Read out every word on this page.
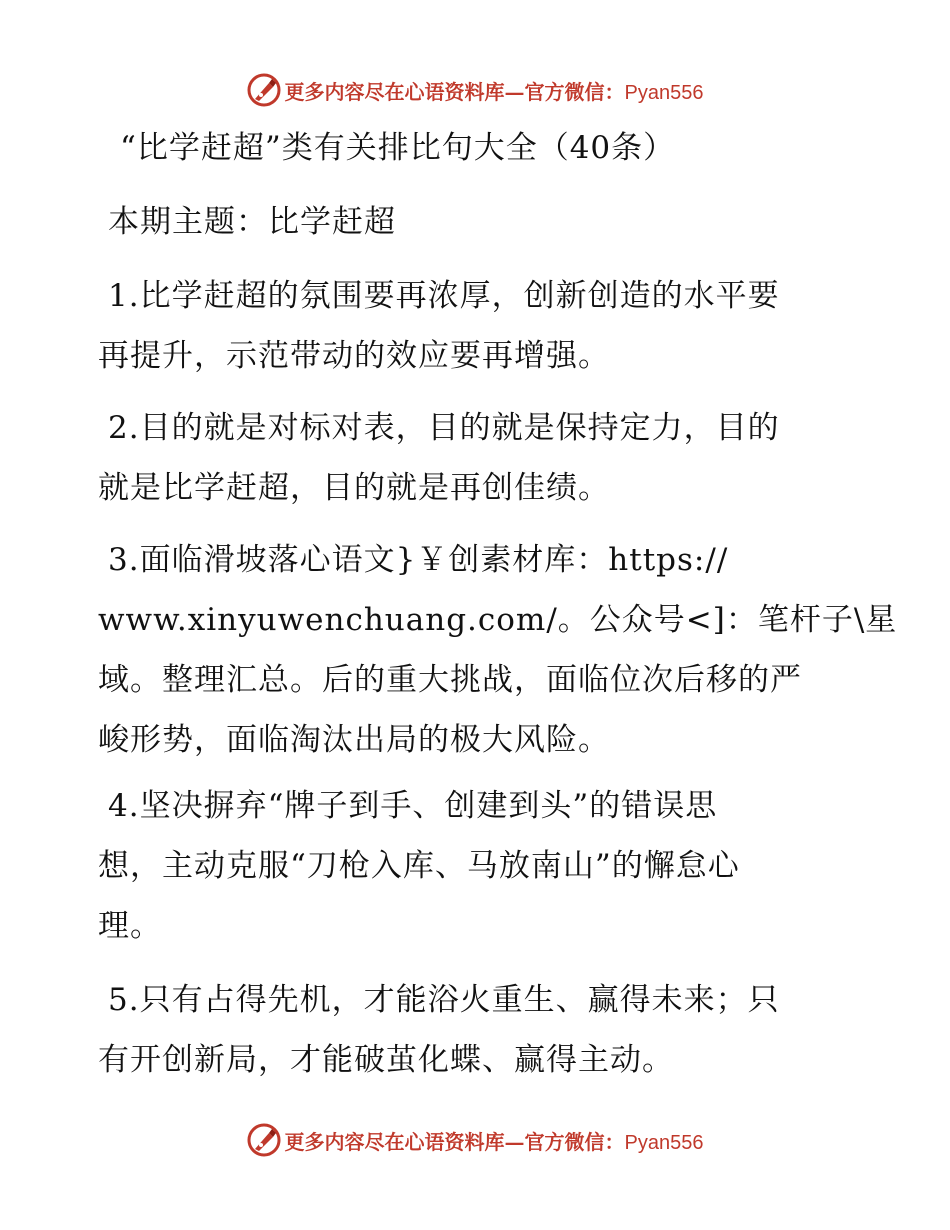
更多内容尽在心语资料库—官方微信：Pyan556
“比学赶超”类有关排比句大全（40条）
本期主题：比学赶超
1.比学赶超的氛围要再浓厚，创新创造的水平要
再提升，示范带动的效应要再增强。
2.目的就是对标对表，目的就是保持定力，目的
就是比学赶超，目的就是再创佳绩。
3.面临滑坡落心语文}￥创素材库：https://
www.xinyuwenchuang.com/。公众号<]：笔杆子\星
域。整理汇总。后的重大挑战，面临位次后移的严
峻形势，面临淘汰出局的极大风险。
4.坚决摒弃“牌子到手、创建到头”的错误思
想，主动克服“刀枪入库、马放南山”的懈怠心
理。
5.只有占得先机，才能浴火重生、赢得未来；只
有开创新局，才能破茧化蝶、赢得主动。
更多内容尽在心语资料库—官方微信：Pyan556
